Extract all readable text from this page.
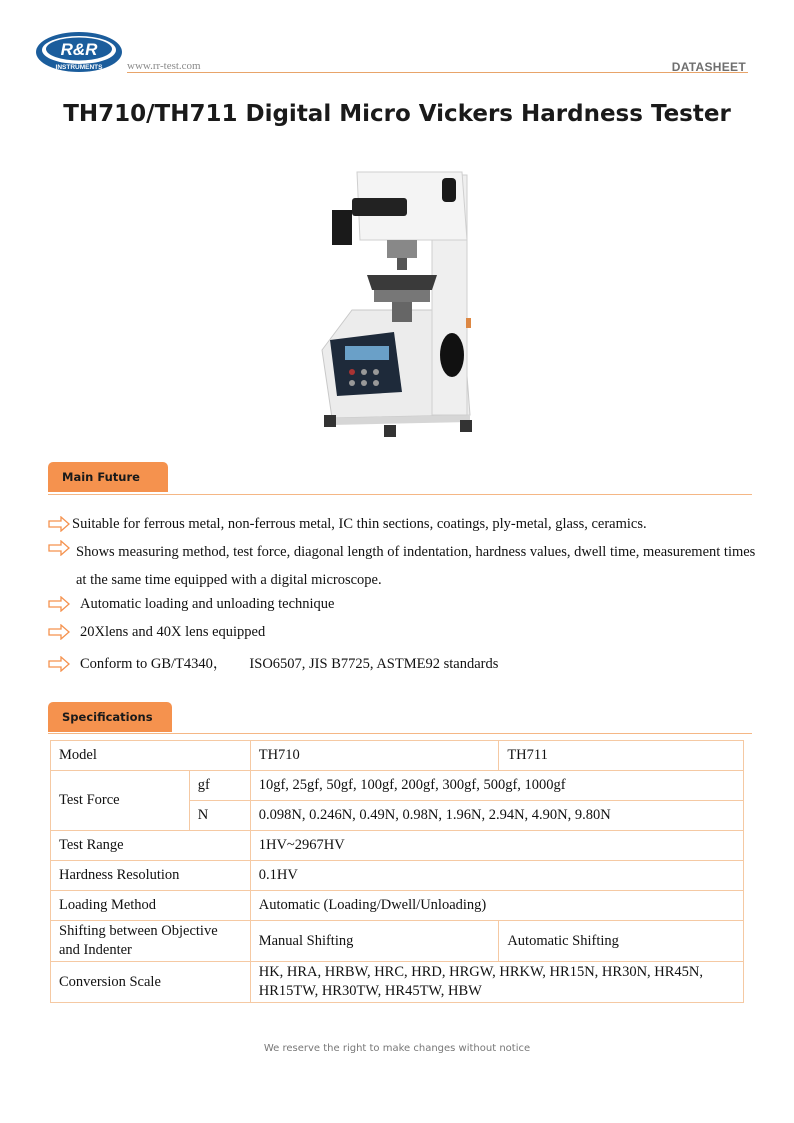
R&R
INSTRUMENTS www.rr-test.com	DATASHEET
TH710/TH711 Digital Micro Vickers Hardness Tester
Main Future
Suitable for ferrous metal, non-ferrous metal, IC thin sections, coatings, ply-metal, glass, ceramics.
Shows measuring method, test force, diagonal length of indentation, hardness values, dwell time, measurement times at the same time equipped with a digital microscope.
Automatic loading and unloading technique
20Xlens and 40X lens equipped
Conform to GB/T4340， ISO6507, JIS B7725, ASTME92 standards
Specifications
Model		TH710	TH711
Test Force	gf	10gf, 25gf, 50gf, 100gf, 200gf, 300gf, 500gf, 1000gf	
	N	0.098N, 0.246N, 0.49N, 0.98N, 1.96N, 2.94N, 4.90N, 9.80N	
Test Range		1HV~2967HV	
Hardness Resolution		0.1HV	
Loading Method		Automatic (Loading/Dwell/Unloading)	
Shifting between Objective and Indenter		Manual Shifting	Automatic Shifting
Conversion Scale		HK, HRA, HRBW, HRC, HRD, HRGW, HRKW, HR15N, HR30N, HR45N, HR15TW, HR30TW, HR45TW, HBW	
We reserve the right to make changes without notice
